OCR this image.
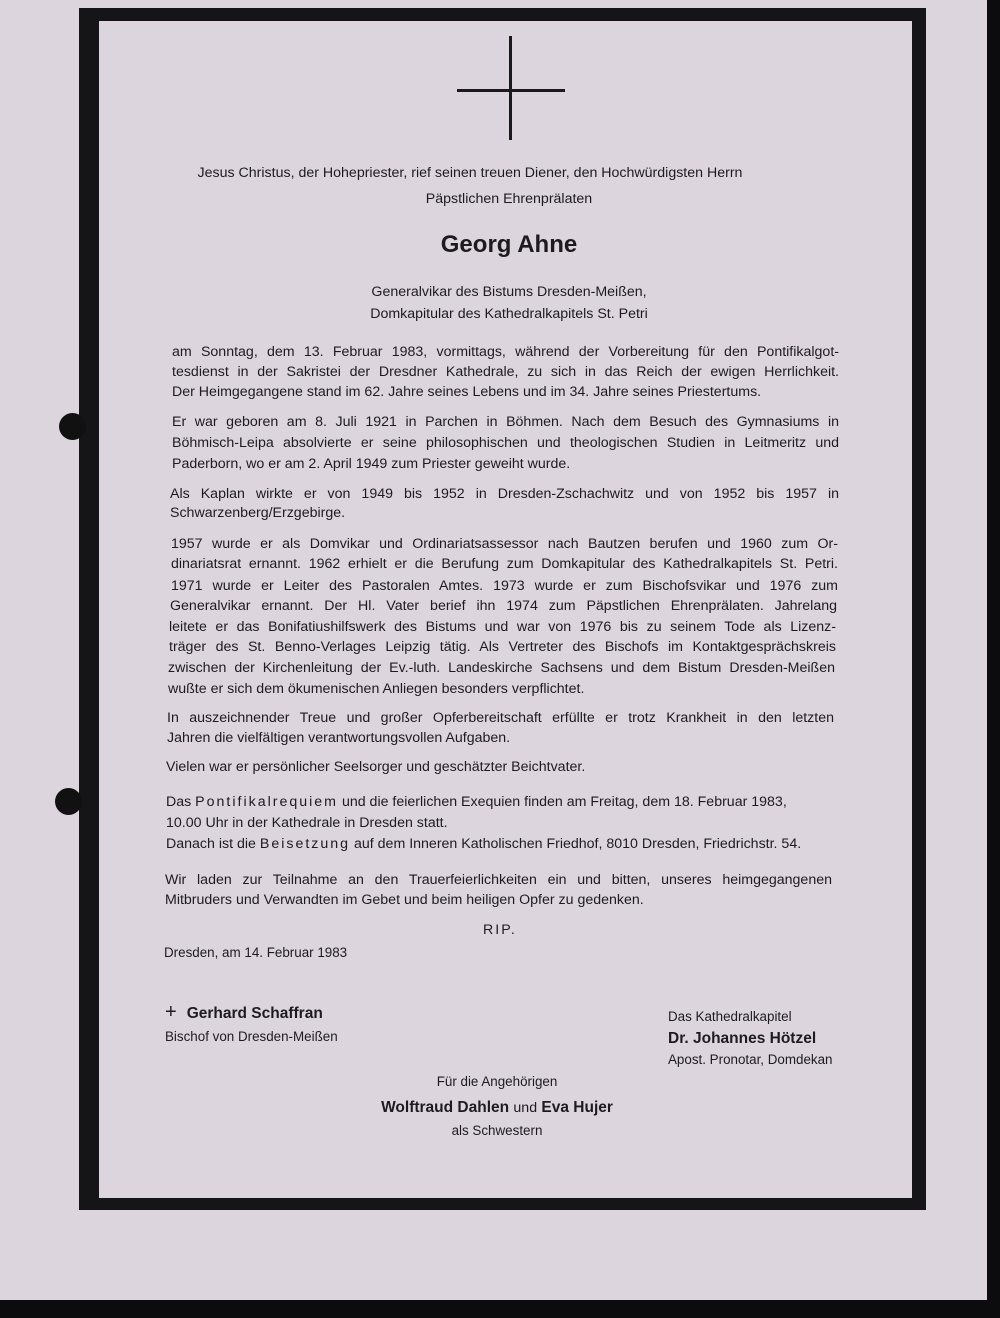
Jesus Christus, der Hohepriester, rief seinen treuen Diener, den Hochwürdigsten Herrn
Päpstlichen Ehrenprälaten
Georg Ahne
Generalvikar des Bistums Dresden-Meißen,
Domkapitular des Kathedralkapitels St. Petri
am Sonntag, dem 13. Februar 1983, vormittags, während der Vorbereitung für den Pontifikalgot-
tesdienst in der Sakristei der Dresdner Kathedrale, zu sich in das Reich der ewigen Herrlichkeit.
Der Heimgegangene stand im 62. Jahre seines Lebens und im 34. Jahre seines Priestertums.
Er war geboren am 8. Juli 1921 in Parchen in Böhmen. Nach dem Besuch des Gymnasiums in
Böhmisch-Leipa absolvierte er seine philosophischen und theologischen Studien in Leitmeritz und
Paderborn, wo er am 2. April 1949 zum Priester geweiht wurde.
Als Kaplan wirkte er von 1949 bis 1952 in Dresden-Zschachwitz und von 1952 bis 1957 in
Schwarzenberg/Erzgebirge.
1957 wurde er als Domvikar und Ordinariatsassessor nach Bautzen berufen und 1960 zum Or-
dinariatsrat ernannt. 1962 erhielt er die Berufung zum Domkapitular des Kathedralkapitels St. Petri.
1971 wurde er Leiter des Pastoralen Amtes. 1973 wurde er zum Bischofsvikar und 1976 zum
Generalvikar ernannt. Der Hl. Vater berief ihn 1974 zum Päpstlichen Ehrenprälaten. Jahrelang
leitete er das Bonifatiushilfswerk des Bistums und war von 1976 bis zu seinem Tode als Lizenz-
träger des St. Benno-Verlages Leipzig tätig. Als Vertreter des Bischofs im Kontaktgesprächskreis
zwischen der Kirchenleitung der Ev.-luth. Landeskirche Sachsens und dem Bistum Dresden-Meißen
wußte er sich dem ökumenischen Anliegen besonders verpflichtet.
In auszeichnender Treue und großer Opferbereitschaft erfüllte er trotz Krankheit in den letzten
Jahren die vielfältigen verantwortungsvollen Aufgaben.
Vielen war er persönlicher Seelsorger und geschätzter Beichtvater.
Das Pontifikalrequiem und die feierlichen Exequien finden am Freitag, dem 18. Februar 1983,
10.00 Uhr in der Kathedrale in Dresden statt.
Danach ist die Beisetzung auf dem Inneren Katholischen Friedhof, 8010 Dresden, Friedrichstr. 54.
Wir laden zur Teilnahme an den Trauerfeierlichkeiten ein und bitten, unseres heimgegangenen
Mitbruders und Verwandten im Gebet und beim heiligen Opfer zu gedenken.
RIP.
Dresden, am 14. Februar 1983
+ Gerhard Schaffran
Bischof von Dresden-Meißen
Das Kathedralkapitel
Dr. Johannes Hötzel
Apost. Pronotar, Domdekan
Für die Angehörigen
Wolftraud Dahlen und Eva Hujer
als Schwestern
